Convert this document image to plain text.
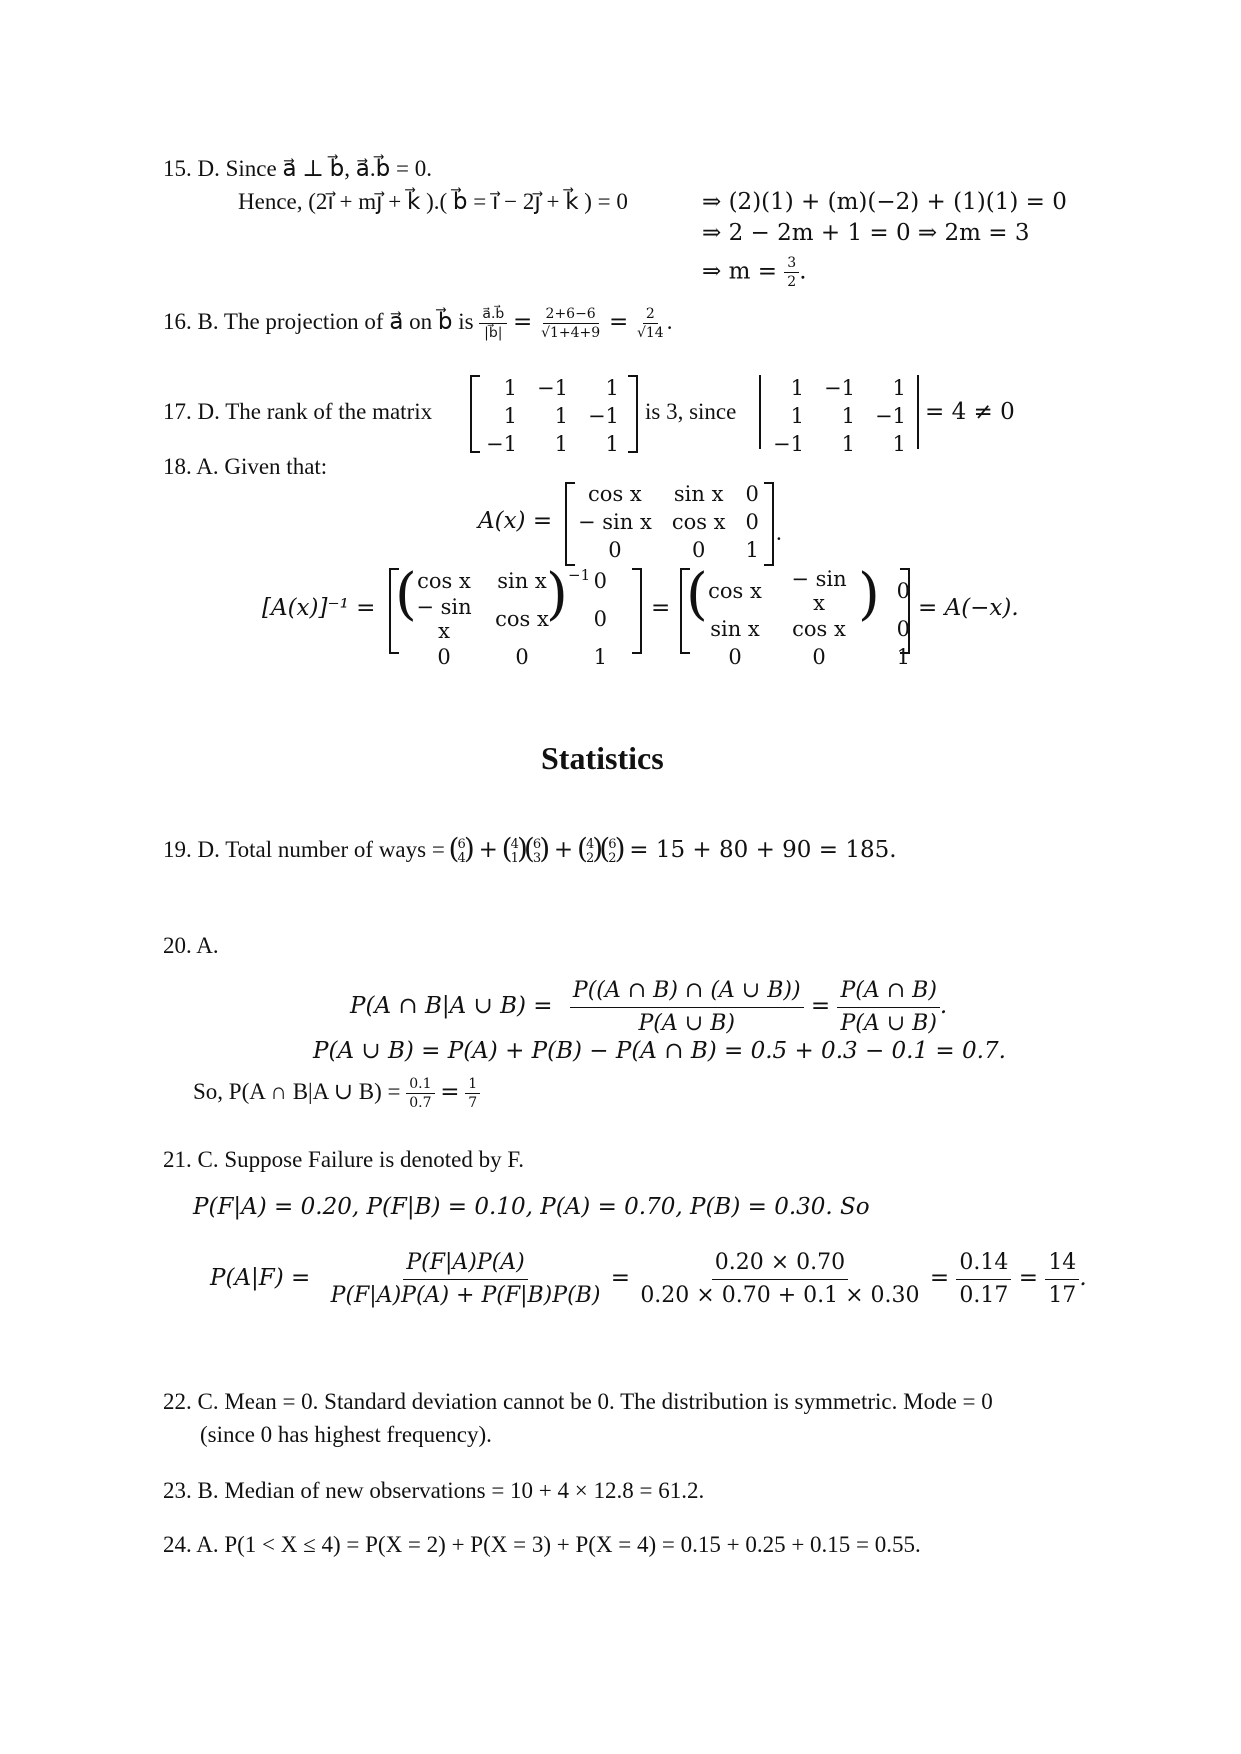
15. D. Since a⃗ ⊥ b⃗, a⃗.b⃗ = 0.
Hence, (2i⃗ + mj⃗ + k⃗ ).( b⃗ = i⃗ − 2j⃗ + k⃗ ) = 0	⇒ (2)(1) + (m)(−2) + (1)(1) = 0
⇒ 2 − 2m + 1 = 0 ⇒ 2m = 3
⇒ $m = \frac{3}{2}$ .
16. B. The projection of a⃗ on b⃗ is $\frac{a⃗.b⃗}{|b⃗|} = \frac{2+6-6}{√1+4+9} = \frac{2}{√14}$ .
17. D. The rank of the matrix
1	−1	1
1	1	−1
−1	1	1
is 3, since
1	−1	1
1	1	−1
−1	1	1
= 4 ≠ 0
18. A. Given that:
A(x) =
cos x	sin x	0
− sin x	cos x	0
0	0	1
.
[A(x)]⁻¹ = ( ) −1
cos x	sin x	0
− sin x	cos x	0
0	0	1
= (	)
cos x	− sin x	0
sin x	cos x	0
0	0	1
= A(−x).
Statistics
19. D. Total number of ways = ( 6
4
) + ( 4
1
)
( 6
3
) + ( 4
2
)
( 6
2
) = 15 + 80 + 90 = 185.
20. A.
P(A ∩ B|A ∪ $B) = \frac{P((A \cap B) \cap (A \cup B))}{P(A \cup B)} = \frac{P(A \cap B)}{P(A \cup B)}$ .
P(A ∪ B) = P(A) + P(B) − P(A ∩ B) = 0.5 + 0.3 − 0.1 = 0.7.
So, P(A ∩ B|A ∪ $B) = \frac{0.1}{0.7} = \frac{1}{7}$
21. C. Suppose Failure is denoted by F.
P(F|A) = 0.20, P(F|B) = 0.10, P(A) = 0.70, P(B) = 0.30. So
$P(A|F) = \frac{P(F|A)P(A)}{P(F|A)P(A) + P(F|B)P(B)} = \frac{0.20 \times 0.70}{0.20 \times 0.70 + 0.1 \times 0.30} = \frac{0.14}{0.17} = \frac{14}{17}$ .
22. C. Mean = 0. Standard deviation cannot be 0. The distribution is symmetric. Mode = 0
(since 0 has highest frequency).
23. B. Median of new observations = 10 + 4 × 12.8 = 61.2.
24. A. P(1 < X ≤ 4) = P(X = 2) + P(X = 3) + P(X = 4) = 0.15 + 0.25 + 0.15 = 0.55.
